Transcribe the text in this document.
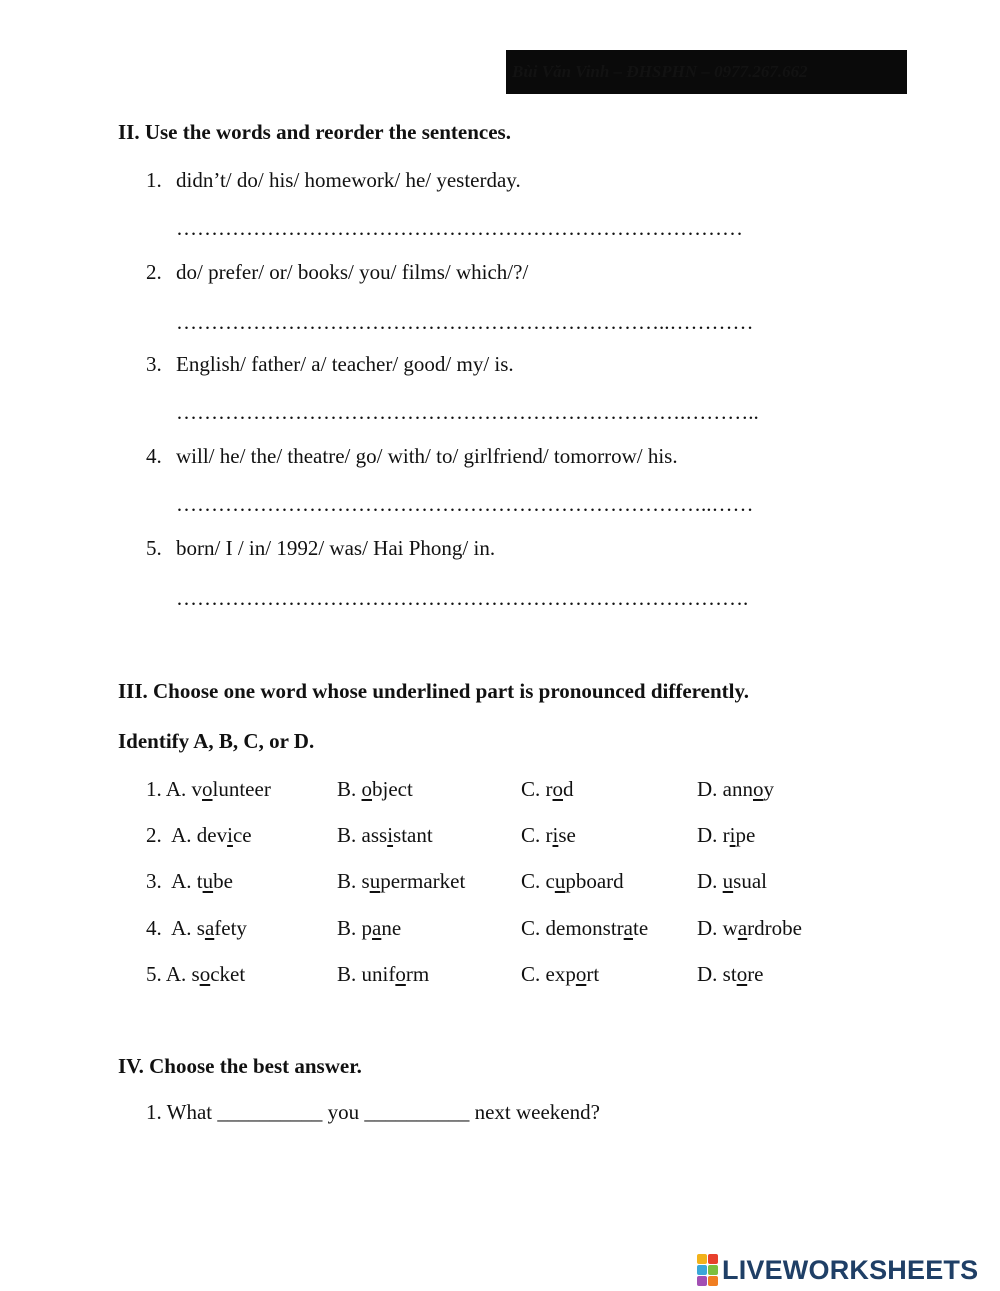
Bùi Văn Vinh – ĐHSPHN – 0977.267.662
II. Use the words and reorder the sentences.
1. didn’t/ do/ his/ homework/ he/ yesterday.
………………………………………………………………………
2. do/ prefer/ or/ books/ you/ films/ which/?/
……………………………………………………………..…………
3. English/ father/ a/ teacher/ good/ my/ is.
……………………………………………………………….………..
4. will/ he/ the/ theatre/ go/ with/ to/ girlfriend/ tomorrow/ his.
…………………………………………………………………..……
5. born/ I / in/ 1992/ was/ Hai Phong/ in.
……………………………………………………………………….
III. Choose one word whose underlined part is pronounced differently.
Identify A, B, C, or D.
1. A. volunteer	B. object	C. rod	D. annoy
2.  A. device	B. assistant	C. rise	D. ripe
3.  A. tube	B. supermarket	C. cupboard	D. usual
4.  A. safety	B. pane	C. demonstrate D. wardrobe
5. A. socket	B. uniform	C. export	D. store
IV. Choose the best answer.
1. What __________ you __________ next weekend?
LIVEWORKSHEETS
